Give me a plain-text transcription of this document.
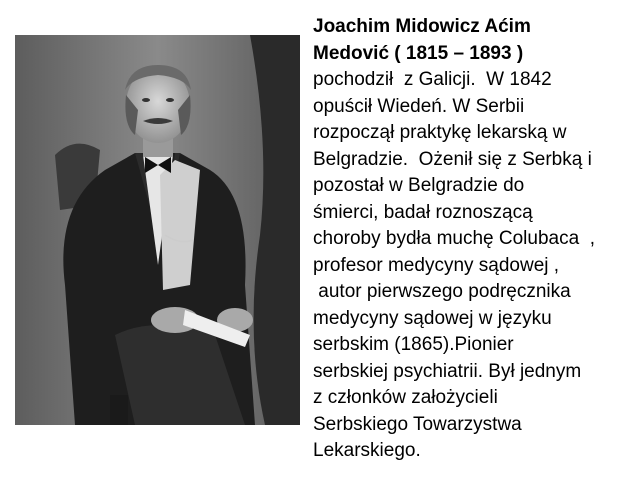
Joachim Midowicz Aćim
Medović ( 1815 – 1893 )
pochodził  z Galicji.  W 1842
opuścił Wiedeń. W Serbii
rozpoczął praktykę lekarską w
Belgradzie.  Ożenił się z Serbką i
pozostał w Belgradzie do
śmierci, badał roznoszącą
choroby bydła muchę Colubaca  ,
profesor medycyny sądowej ,
autor pierwszego podręcznika
medycyny sądowej w języku
serbskim (1865).Pionier
serbskiej psychiatrii. Był jednym
z członków założycieli
Serbskiego Towarzystwa
Lekarskiego.
